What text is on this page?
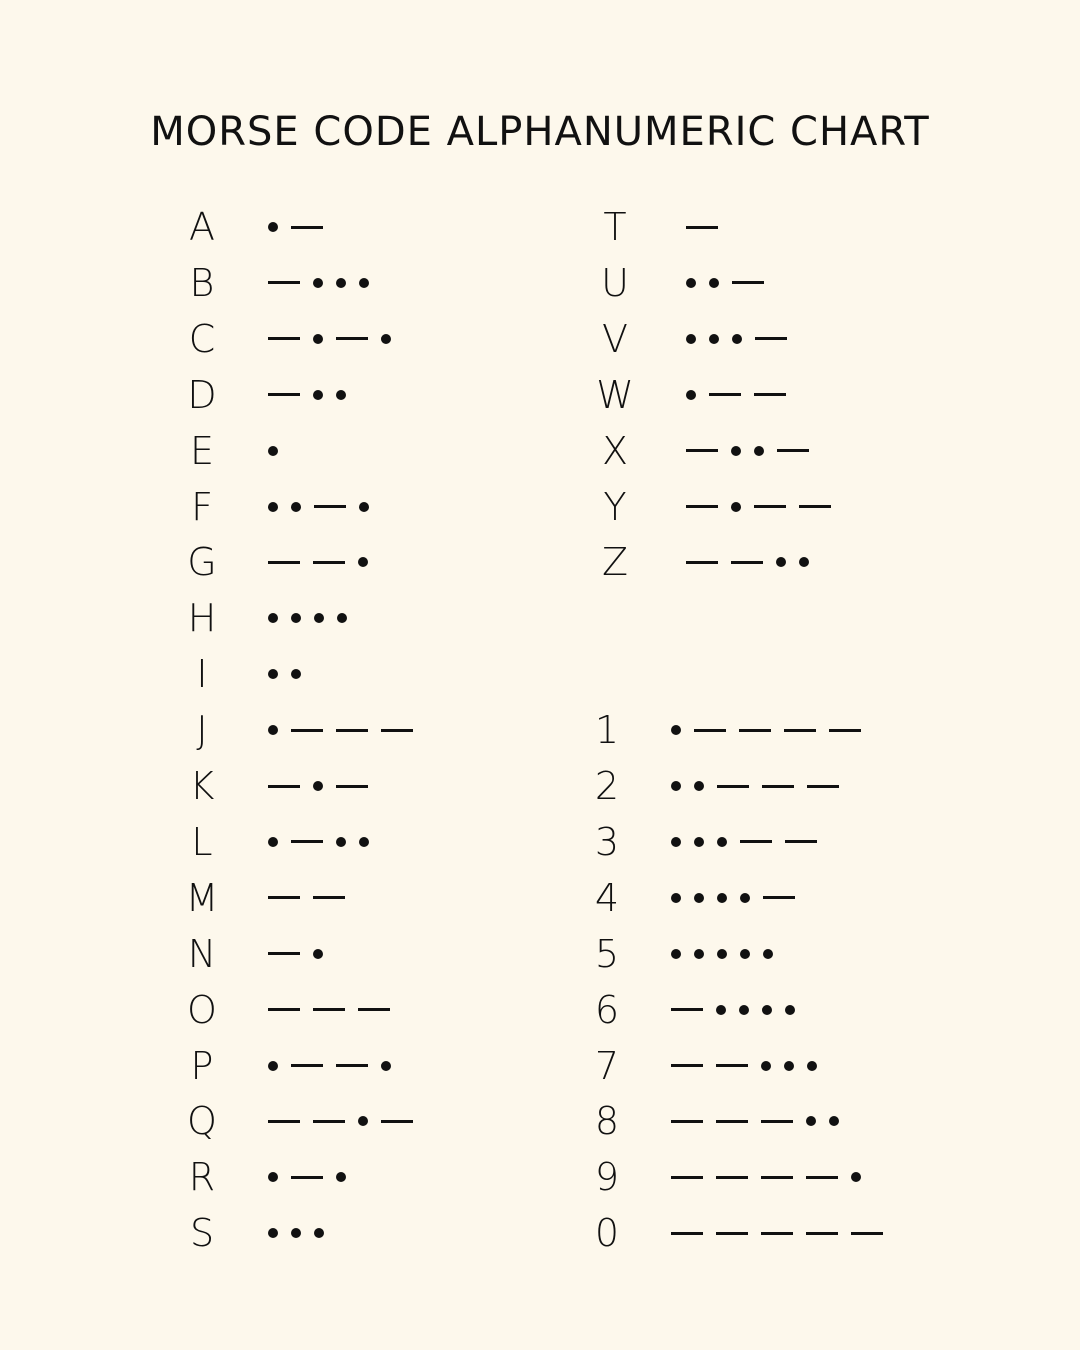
MORSE CODE ALPHANUMERIC CHART
A
B
C
D
E
F
G
H
I
J
K
L
M
N
O
P
Q
R
S
T
U
V
W
X
Y
Z
1
2
3
4
5
6
7
8
9
0
